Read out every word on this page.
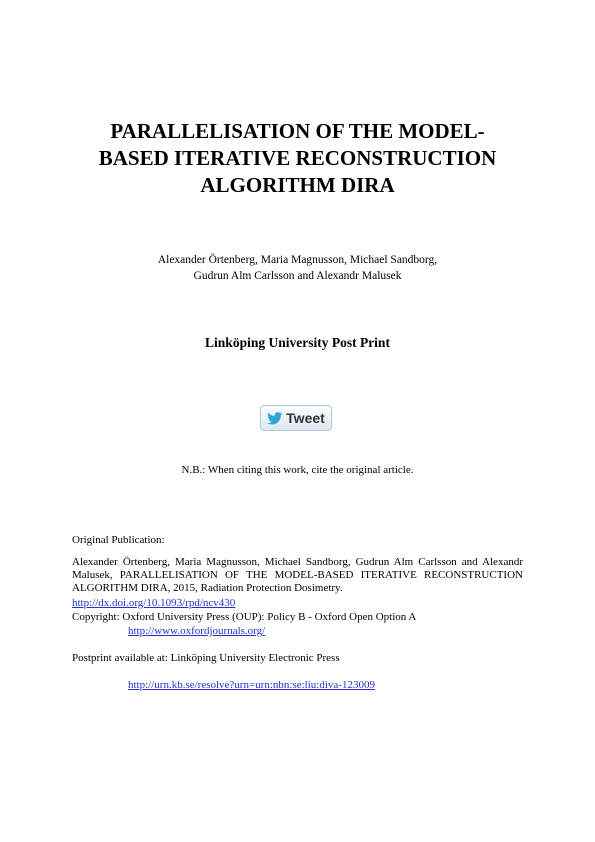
PARALLELISATION OF THE MODEL-
BASED ITERATIVE RECONSTRUCTION
ALGORITHM DIRA
Alexander Örtenberg, Maria Magnusson, Michael Sandborg,
Gudrun Alm Carlsson and Alexandr Malusek
Linköping University Post Print
Tweet
N.B.: When citing this work, cite the original article.
Original Publication:
Alexander Örtenberg, Maria Magnusson, Michael Sandborg, Gudrun Alm Carlsson and Alexandr Malusek, PARALLELISATION OF THE MODEL-BASED ITERATIVE RECONSTRUCTION ALGORITHM DIRA, 2015, Radiation Protection Dosimetry.
http://dx.doi.org/10.1093/rpd/ncv430
Copyright: Oxford University Press (OUP): Policy B - Oxford Open Option A
http://www.oxfordjournals.org/
Postprint available at: Linköping University Electronic Press
http://urn.kb.se/resolve?urn=urn:nbn:se:liu:diva-123009
